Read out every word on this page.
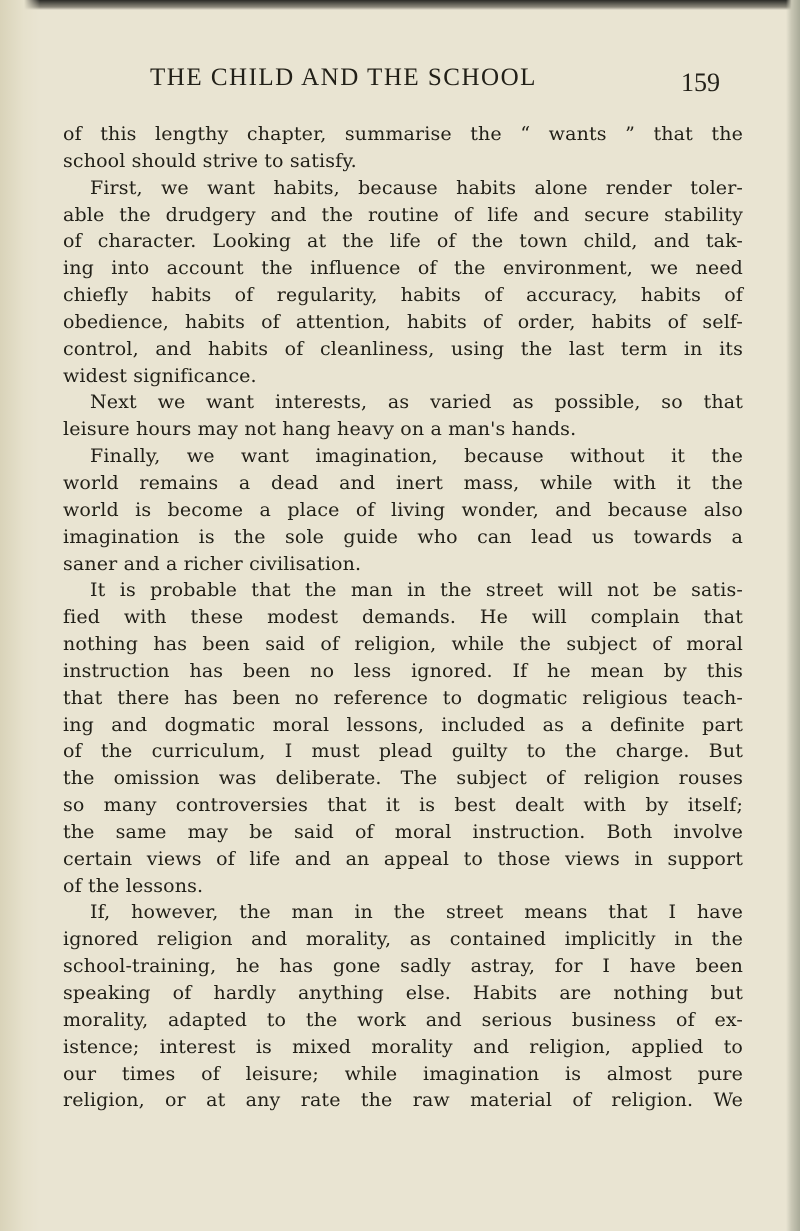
THE CHILD AND THE SCHOOL	159
of this lengthy chapter, summarise the “ wants ” that the
school should strive to satisfy.
First, we want habits, because habits alone render toler-
able the drudgery and the routine of life and secure stability
of character. Looking at the life of the town child, and tak-
ing into account the influence of the environment, we need
chiefly habits of regularity, habits of accuracy, habits of
obedience, habits of attention, habits of order, habits of self-
control, and habits of cleanliness, using the last term in its
widest significance.
Next we want interests, as varied as possible, so that
leisure hours may not hang heavy on a man's hands.
Finally, we want imagination, because without it the
world remains a dead and inert mass, while with it the
world is become a place of living wonder, and because also
imagination is the sole guide who can lead us towards a
saner and a richer civilisation.
It is probable that the man in the street will not be satis-
fied with these modest demands. He will complain that
nothing has been said of religion, while the subject of moral
instruction has been no less ignored. If he mean by this
that there has been no reference to dogmatic religious teach-
ing and dogmatic moral lessons, included as a definite part
of the curriculum, I must plead guilty to the charge. But
the omission was deliberate. The subject of religion rouses
so many controversies that it is best dealt with by itself;
the same may be said of moral instruction. Both involve
certain views of life and an appeal to those views in support
of the lessons.
If, however, the man in the street means that I have
ignored religion and morality, as contained implicitly in the
school-training, he has gone sadly astray, for I have been
speaking of hardly anything else. Habits are nothing but
morality, adapted to the work and serious business of ex-
istence; interest is mixed morality and religion, applied to
our times of leisure; while imagination is almost pure
religion, or at any rate the raw material of religion. We
